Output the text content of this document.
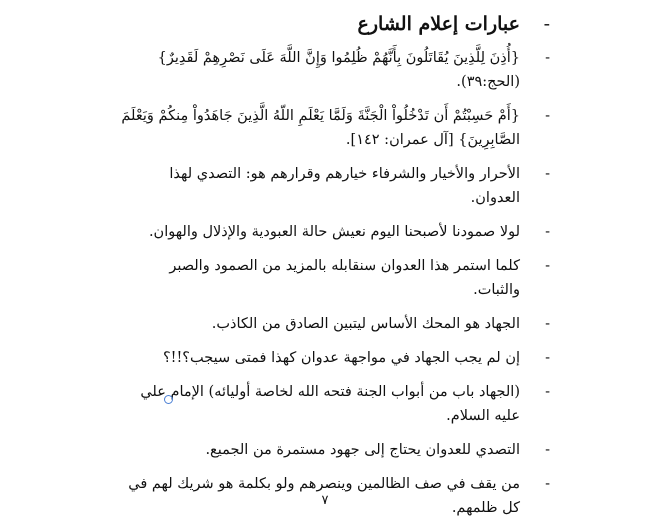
-
عبارات إعلام الشارع
-
{أُذِنَ لِلَّذِينَ يُقَاتَلُونَ بِأَنَّهُمْ ظُلِمُوا وَإِنَّ اللَّهَ عَلَى نَصْرِهِمْ لَقَدِيرٌ} (الحج:٣٩).
-
{أَمْ حَسِبْتُمْ أَن تَدْخُلُواْ الْجَنَّةَ وَلَمَّا يَعْلَمِ اللّهُ الَّذِينَ جَاهَدُواْ مِنكُمْ وَيَعْلَمَ الصَّابِرِينَ} [آل عمران: ١٤٢].
-
الأحرار والأخيار والشرفاء خيارهم وقرارهم هو: التصدي لهذا العدوان.
-
لولا صمودنا لأصبحنا اليوم نعيش حالة العبودية والإذلال والهوان.
-
كلما استمر هذا العدوان سنقابله بالمزيد من الصمود والصبر والثبات.
-
الجهاد هو المحك الأساس ليتبين الصادق من الكاذب.
-
إن لم يجب الجهاد في مواجهة عدوان كهذا فمتى سيجب؟!!؟
-
(الجهاد باب من أبواب الجنة فتحه الله لخاصة أوليائه) الإمام علي عليه السلام.
-
التصدي للعدوان يحتاج إلى جهود مستمرة من الجميع.
-
من يقف في صف الظالمين وينصرهم ولو بكلمة هو شريك لهم في كل ظلمهم.
٧
